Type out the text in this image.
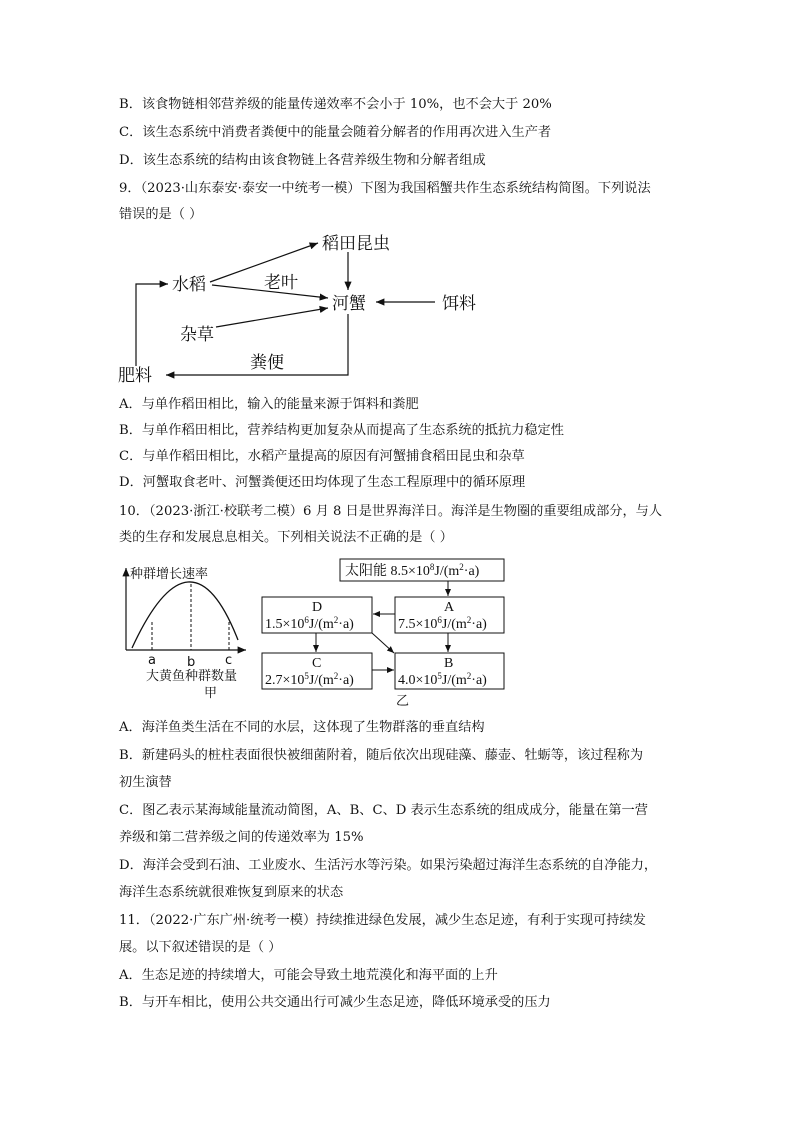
B．该食物链相邻营养级的能量传递效率不会小于 10%，也不会大于 20%
C．该生态系统中消费者粪便中的能量会随着分解者的作用再次进入生产者
D．该生态系统的结构由该食物链上各营养级生物和分解者组成
9．（2023·山东泰安·泰安一中统考一模）下图为我国稻蟹共作生态系统结构简图。下列说法
错误的是（ ）
稻田昆虫
水稻	老叶
河蟹	饵料
杂草
粪便
肥料
种群增长速率
a b c
大黄鱼种群数量
甲
太阳能 $8.5\times 10^8J/(m^2\cdot a)$
A
$7.5\times 10^6J/(m^2\cdot a)$
D
$1.5\times 10^6J/(m^2\cdot a)$
C
$2.7\times 10^5J/(m^2\cdot a)$
B
$4.0\times 10^5J/(m^2\cdot a)$
乙
A．与单作稻田相比，输入的能量来源于饵料和粪肥
B．与单作稻田相比，营养结构更加复杂从而提高了生态系统的抵抗力稳定性
C．与单作稻田相比，水稻产量提高的原因有河蟹捕食稻田昆虫和杂草
D．河蟹取食老叶、河蟹粪便还田均体现了生态工程原理中的循环原理
10．（2023·浙江·校联考二模）6 月 8 日是世界海洋日。海洋是生物圈的重要组成部分，与人
类的生存和发展息息相关。下列相关说法不正确的是（ ）
A．海洋鱼类生活在不同的水层，这体现了生物群落的垂直结构
B．新建码头的桩柱表面很快被细菌附着，随后依次出现硅藻、藤壶、牡蛎等，该过程称为
初生演替
C．图乙表示某海域能量流动简图，A、B、C、D 表示生态系统的组成成分，能量在第一营
养级和第二营养级之间的传递效率为 15%
D．海洋会受到石油、工业废水、生活污水等污染。如果污染超过海洋生态系统的自净能力，
海洋生态系统就很难恢复到原来的状态
11．（2022·广东广州·统考一模）持续推进绿色发展，减少生态足迹，有利于实现可持续发
展。以下叙述错误的是（ ）
A．生态足迹的持续增大，可能会导致土地荒漠化和海平面的上升
B．与开车相比，使用公共交通出行可减少生态足迹，降低环境承受的压力
